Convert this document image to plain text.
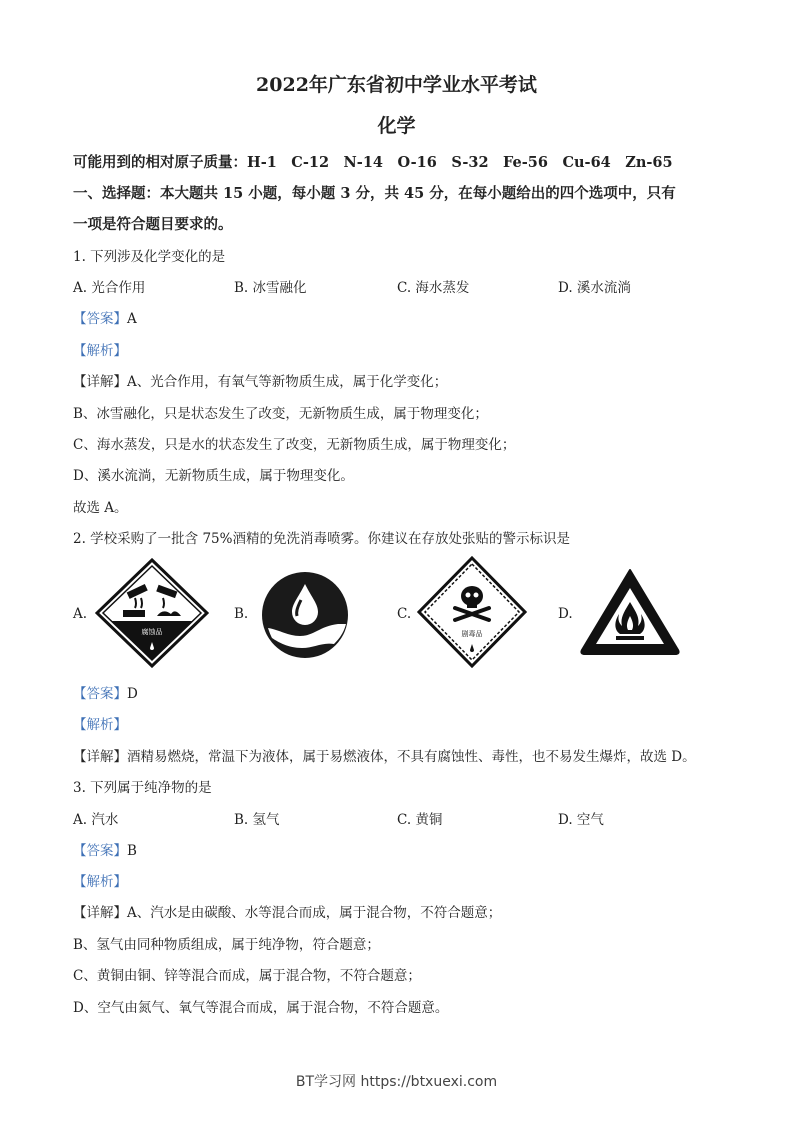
2022年广东省初中学业水平考试
化学
可能用到的相对原子质量：H-1　C-12　N-14　O-16　S-32　Fe-56　Cu-64　Zn-65
一、选择题：本大题共 15 小题，每小题 3 分，共 45 分，在每小题给出的四个选项中，只有
一项是符合题目要求的。
1. 下列涉及化学变化的是
A. 光合作用	B. 冰雪融化	C. 海水蒸发	D. 溪水流淌
【答案】A
【解析】
【详解】A、光合作用，有氧气等新物质生成，属于化学变化；
B、冰雪融化，只是状态发生了改变，无新物质生成，属于物理变化；
C、海水蒸发，只是水的状态发生了改变，无新物质生成，属于物理变化；
D、溪水流淌，无新物质生成，属于物理变化。
故选 A。
2. 学校采购了一批含 75%酒精的免洗消毒喷雾。你建议在存放处张贴的警示标识是
A.	B.	C.	D.
腐蚀品	剧毒品
【答案】D
【解析】
【详解】酒精易燃烧，常温下为液体，属于易燃液体，不具有腐蚀性、毒性，也不易发生爆炸，故选 D。
3. 下列属于纯净物的是
A. 汽水	B. 氢气	C. 黄铜	D. 空气
【答案】B
【解析】
【详解】A、汽水是由碳酸、水等混合而成，属于混合物，不符合题意；
B、氢气由同种物质组成，属于纯净物，符合题意；
C、黄铜由铜、锌等混合而成，属于混合物，不符合题意；
D、空气由氮气、氧气等混合而成，属于混合物，不符合题意。
BT学习网 https://btxuexi.com
